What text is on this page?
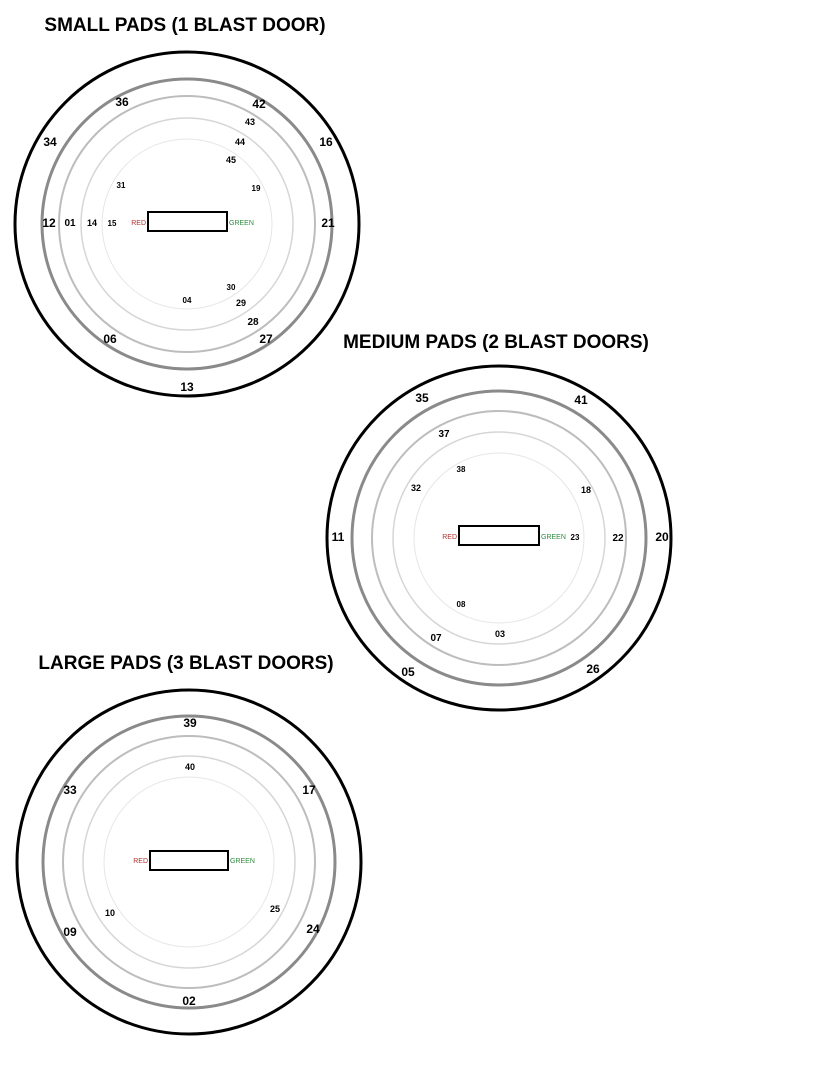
SMALL PADS (1 BLAST DOOR)
RED	GREEN
36	42
43
44
45
34	16
31	19
12 01 14 15	21
30
04	29
28
06	27
13
MEDIUM PADS (2 BLAST DOORS)
RED	GREEN
35	41
37
38
32	18
11	23	22	20
08
03
07
05	26
LARGE PADS (3 BLAST DOORS)
RED	GREEN
39
40
33	17
10	25
09	24
02
